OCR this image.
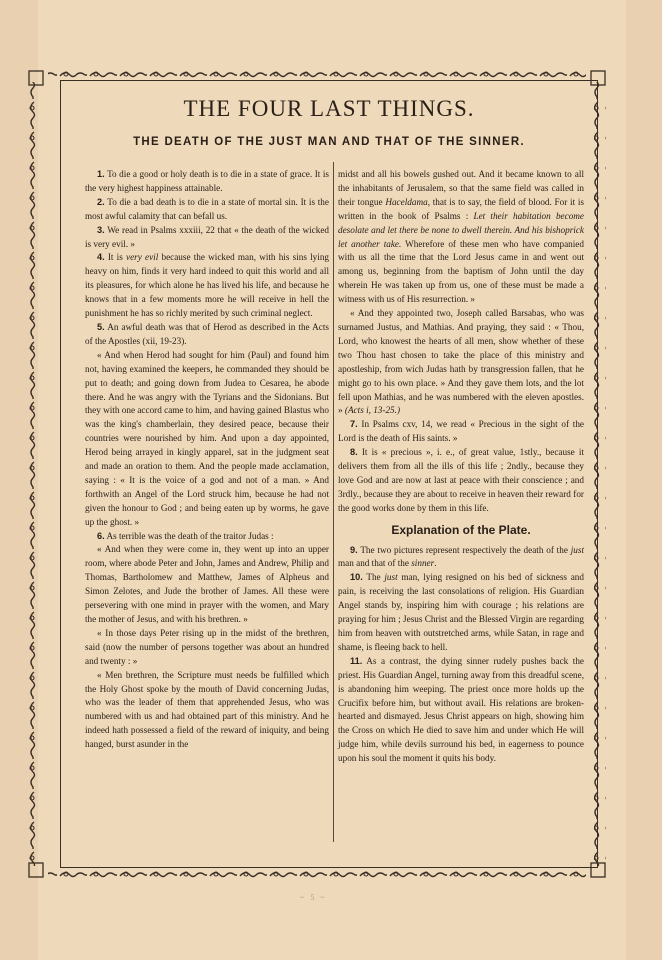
THE FOUR LAST THINGS.
THE DEATH OF THE JUST MAN AND THAT OF THE SINNER.

1. To die a good or holy death is to die in a state of grace. It is the very highest happiness attainable.

2. To die a bad death is to die in a state of mortal sin. It is the most awful calamity that can befall us.

3. We read in Psalms xxxiii, 22 that « the death of the wicked is very evil. »

4. It is very evil because the wicked man, with his sins lying heavy on him, finds it very hard indeed to quit this world and all its pleasures, for which alone he has lived his life, and because he knows that in a few moments more he will receive in hell the punishment he has so richly merited by such criminal neglect.

5. An awful death was that of Herod as described in the Acts of the Apostles (xii, 19-23).

« And when Herod had sought for him (Paul) and found him not, having examined the keepers, he commanded they should be put to death; and going down from Judea to Cesarea, he abode there. And he was angry with the Tyrians and the Sidonians. But they with one accord came to him, and having gained Blastus who was the king's chamberlain, they desired peace, because their countries were nourished by him. And upon a day appointed, Herod being arrayed in kingly apparel, sat in the judgment seat and made an oration to them. And the people made acclamation, saying : « It is the voice of a god and not of a man. » And forthwith an Angel of the Lord struck him, because he had not given the honour to God ; and being eaten up by worms, he gave up the ghost. »

6. As terrible was the death of the traitor Judas :

« And when they were come in, they went up into an upper room, where abode Peter and John, James and Andrew, Philip and Thomas, Bartholomew and Matthew, James of Alpheus and Simon Zelotes, and Jude the brother of James. All these were persevering with one mind in prayer with the women, and Mary the mother of Jesus, and with his brethren. »

« In those days Peter rising up in the midst of the brethren, said (now the number of persons together was about an hundred and twenty : »

« Men brethren, the Scripture must needs be fulfilled which the Holy Ghost spoke by the mouth of David concerning Judas, who was the leader of them that apprehended Jesus, who was numbered with us and had obtained part of this ministry. And he indeed hath possessed a field of the reward of iniquity, and being hanged, burst asunder in the

midst and all his bowels gushed out. And it became known to all the inhabitants of Jerusalem, so that the same field was called in their tongue Haceldama, that is to say, the field of blood. For it is written in the book of Psalms : Let their habitation become desolate and let there be none to dwell therein. And his bishoprick let another take. Wherefore of these men who have companied with us all the time that the Lord Jesus came in and went out among us, beginning from the baptism of John until the day wherein He was taken up from us, one of these must be made a witness with us of His resurrection. »

« And they appointed two, Joseph called Barsabas, who was surnamed Justus, and Mathias. And praying, they said : « Thou, Lord, who knowest the hearts of all men, show whether of these two Thou hast chosen to take the place of this ministry and apostleship, from wich Judas hath by transgression fallen, that he might go to his own place. » And they gave them lots, and the lot fell upon Mathias, and he was numbered with the eleven apostles. » (Acts i, 13-25.)

7. In Psalms cxv, 14, we read « Precious in the sight of the Lord is the death of His saints. »

8. It is « precious », i. e., of great value, 1stly., because it delivers them from all the ills of this life ; 2ndly., because they love God and are now at last at peace with their conscience ; and 3rdly., because they are about to receive in heaven their reward for the good works done by them in this life.

Explanation of the Plate.

9. The two pictures represent respectively the death of the just man and that of the sinner.

10. The just man, lying resigned on his bed of sickness and pain, is receiving the last consolations of religion. His Guardian Angel stands by, inspiring him with courage ; his relations are praying for him ; Jesus Christ and the Blessed Virgin are regarding him from heaven with outstretched arms, while Satan, in rage and shame, is fleeing back to hell.

11. As a contrast, the dying sinner rudely pushes back the priest. His Guardian Angel, turning away from this dreadful scene, is abandoning him weeping. The priest once more holds up the Crucifix before him, but without avail. His relations are broken-hearted and dismayed. Jesus Christ appears on high, showing him the Cross on which He died to save him and under which He will judge him, while devils surround his bed, in eagerness to pounce upon his soul the moment it quits his body.

~ 5 ~
